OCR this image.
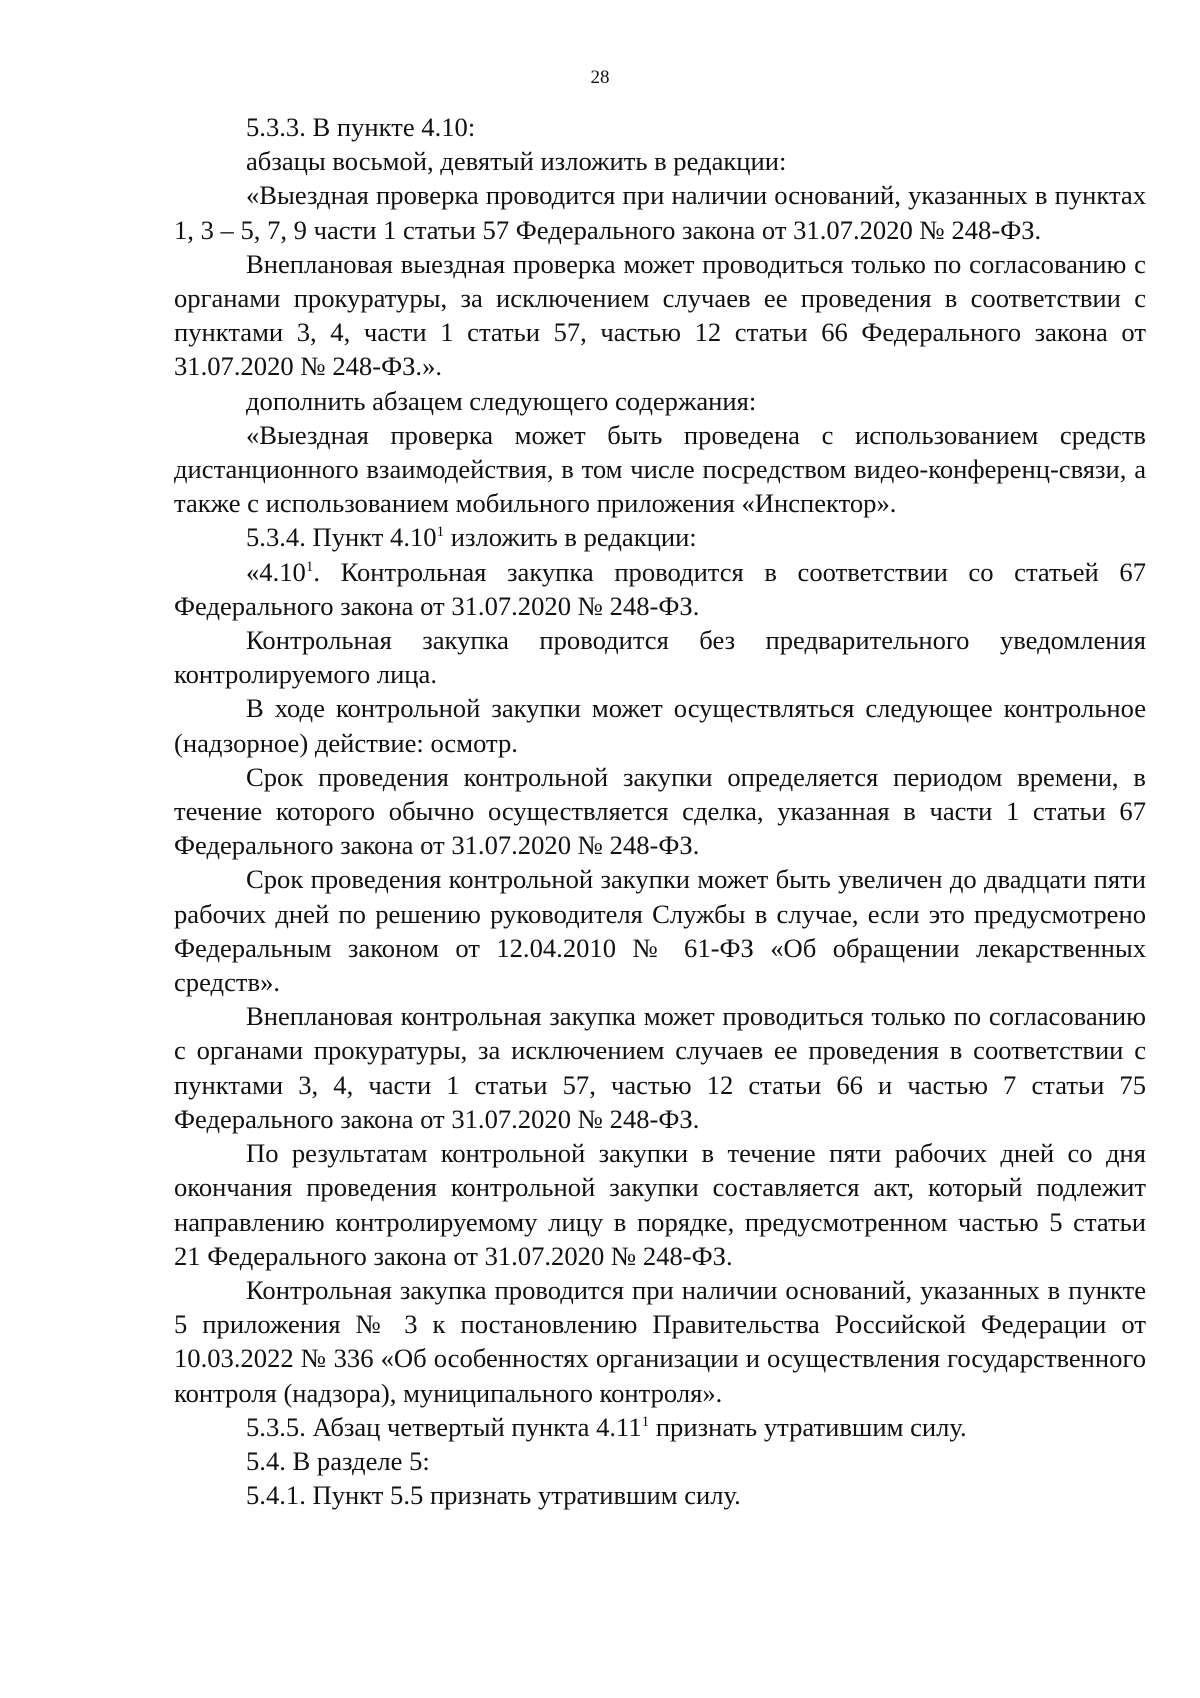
28

5.3.3. В пункте 4.10:

абзацы восьмой, девятый изложить в редакции:

«Выездная проверка проводится при наличии оснований, указанных в пунктах 1, 3 – 5, 7, 9 части 1 статьи 57 Федерального закона от 31.07.2020 № 248-ФЗ.

Внеплановая выездная проверка может проводиться только по согласованию с органами прокуратуры, за исключением случаев ее проведения в соответствии с пунктами 3, 4, части 1 статьи 57, частью 12 статьи 66 Федерального закона от 31.07.2020 № 248-ФЗ.».

дополнить абзацем следующего содержания:

«Выездная проверка может быть проведена с использованием средств дистанционного взаимодействия, в том числе посредством видео-конференц-связи, а также с использованием мобильного приложения «Инспектор».

5.3.4. Пункт 4.10$^1$ изложить в редакции:

«4.10$^1$. Контрольная закупка проводится в соответствии со статьей 67 Федерального закона от 31.07.2020 № 248-ФЗ.

Контрольная закупка проводится без предварительного уведомления контролируемого лица.

В ходе контрольной закупки может осуществляться следующее контрольное (надзорное) действие: осмотр.

Срок проведения контрольной закупки определяется периодом времени, в течение которого обычно осуществляется сделка, указанная в части 1 статьи 67 Федерального закона от 31.07.2020 № 248-ФЗ.

Срок проведения контрольной закупки может быть увеличен до двадцати пяти рабочих дней по решению руководителя Службы в случае, если это предусмотрено Федеральным законом от 12.04.2010 № 61-ФЗ «Об обращении лекарственных средств».

Внеплановая контрольная закупка может проводиться только по согласованию с органами прокуратуры, за исключением случаев ее проведения в соответствии с пунктами 3, 4, части 1 статьи 57, частью 12 статьи 66 и частью 7 статьи 75 Федерального закона от 31.07.2020 № 248-ФЗ.

По результатам контрольной закупки в течение пяти рабочих дней со дня окончания проведения контрольной закупки составляется акт, который подлежит направлению контролируемому лицу в порядке, предусмотренном частью 5 статьи 21 Федерального закона от 31.07.2020 № 248-ФЗ.

Контрольная закупка проводится при наличии оснований, указанных в пункте 5 приложения № 3 к постановлению Правительства Российской Федерации от 10.03.2022 № 336 «Об особенностях организации и осуществления государственного контроля (надзора), муниципального контроля».

5.3.5. Абзац четвертый пункта 4.11$^1$ признать утратившим силу.

5.4. В разделе 5:

5.4.1. Пункт 5.5 признать утратившим силу.
